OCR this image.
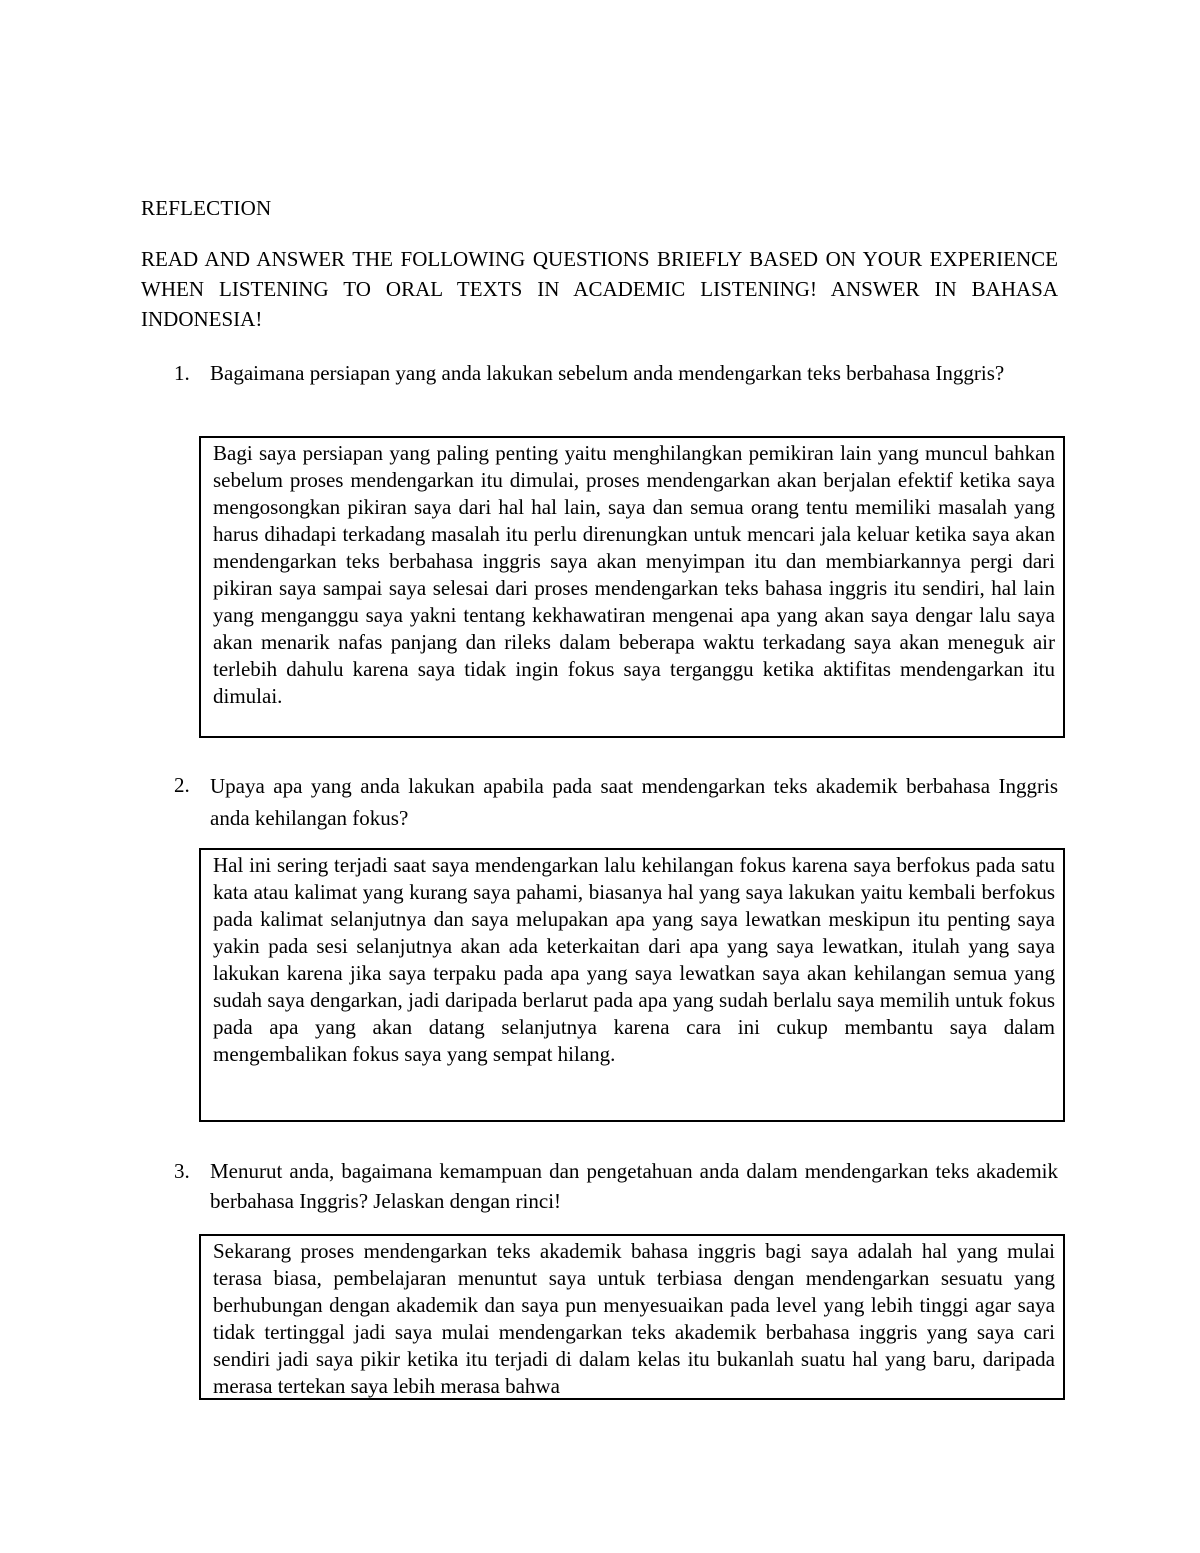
REFLECTION

READ AND ANSWER THE FOLLOWING QUESTIONS BRIEFLY BASED ON YOUR EXPERIENCE WHEN LISTENING TO ORAL TEXTS IN ACADEMIC LISTENING! ANSWER IN BAHASA INDONESIA!

1. Bagaimana persiapan yang anda lakukan sebelum anda mendengarkan teks berbahasa Inggris?

Bagi saya persiapan yang paling penting yaitu menghilangkan pemikiran lain yang muncul bahkan sebelum proses mendengarkan itu dimulai, proses mendengarkan akan berjalan efektif ketika saya mengosongkan pikiran saya dari hal hal lain, saya dan semua orang tentu memiliki masalah yang harus dihadapi terkadang masalah itu perlu direnungkan untuk mencari jala keluar ketika saya akan mendengarkan teks berbahasa inggris saya akan menyimpan itu dan membiarkannya pergi dari pikiran saya sampai saya selesai dari proses mendengarkan teks bahasa inggris itu sendiri, hal lain yang menganggu saya yakni tentang kekhawatiran mengenai apa yang akan saya dengar lalu saya akan menarik nafas panjang dan rileks dalam beberapa waktu terkadang saya akan meneguk air terlebih dahulu karena saya tidak ingin fokus saya terganggu ketika aktifitas mendengarkan itu dimulai.

2. Upaya apa yang anda lakukan apabila pada saat mendengarkan teks akademik berbahasa Inggris anda kehilangan fokus?

Hal ini sering terjadi saat saya mendengarkan lalu kehilangan fokus karena saya berfokus pada satu kata atau kalimat yang kurang saya pahami, biasanya hal yang saya lakukan yaitu kembali berfokus pada kalimat selanjutnya dan saya melupakan apa yang saya lewatkan meskipun itu penting saya yakin pada sesi selanjutnya akan ada keterkaitan dari apa yang saya lewatkan, itulah yang saya lakukan karena jika saya terpaku pada apa yang saya lewatkan saya akan kehilangan semua yang sudah saya dengarkan, jadi daripada berlarut pada apa yang sudah berlalu saya memilih untuk fokus pada apa yang akan datang selanjutnya karena cara ini cukup membantu saya dalam mengembalikan fokus saya yang sempat hilang.

3. Menurut anda, bagaimana kemampuan dan pengetahuan anda dalam mendengarkan teks akademik berbahasa Inggris? Jelaskan dengan rinci!

Sekarang proses mendengarkan teks akademik bahasa inggris bagi saya adalah hal yang mulai terasa biasa, pembelajaran menuntut saya untuk terbiasa dengan mendengarkan sesuatu yang berhubungan dengan akademik dan saya pun menyesuaikan pada level yang lebih tinggi agar saya tidak tertinggal jadi saya mulai mendengarkan teks akademik berbahasa inggris yang saya cari sendiri jadi saya pikir ketika itu terjadi di dalam kelas itu bukanlah suatu hal yang baru, daripada merasa tertekan saya lebih merasa bahwa
